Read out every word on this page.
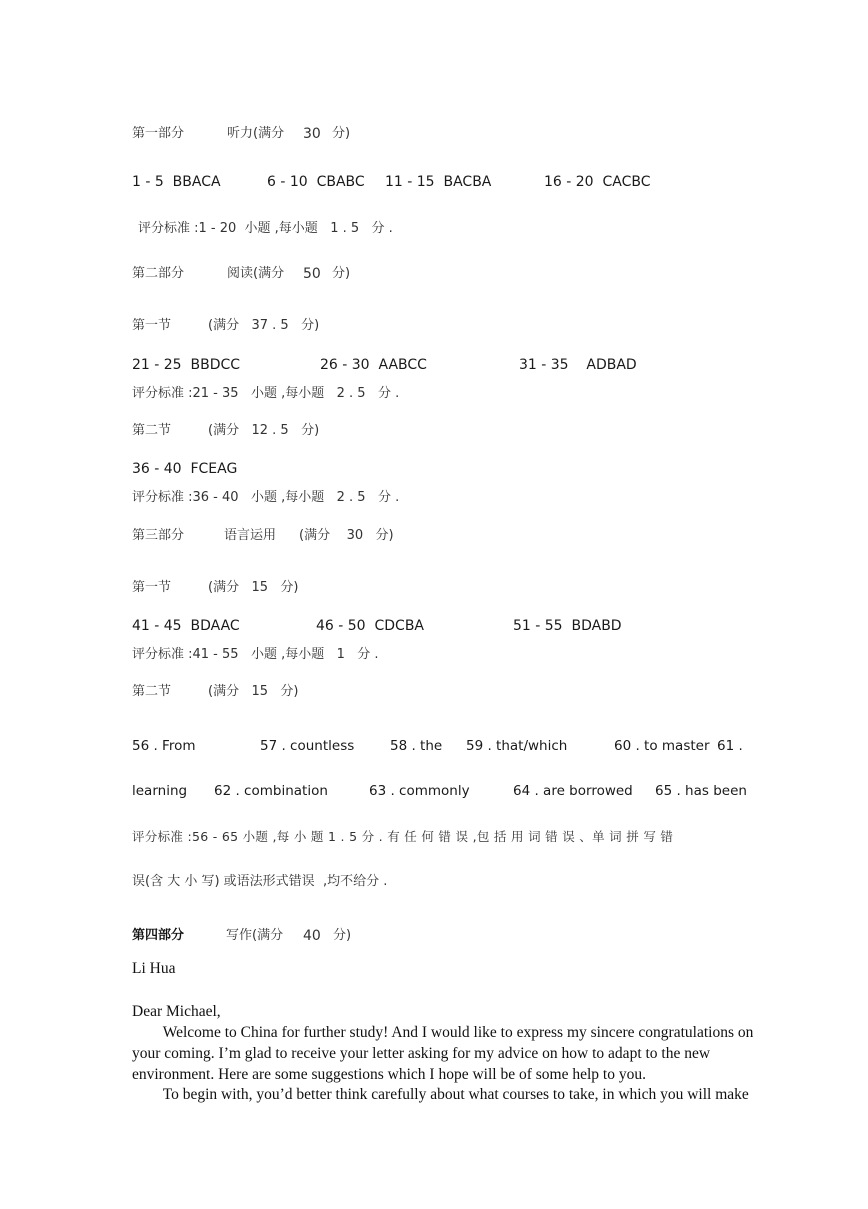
第一部分

	听力(满分

30

分)

1 - 5  BBACA

	6 - 10  CBABC

11 - 15  BACBA

	16 - 20  CACBC

评分标准 :1 - 20  小题 ,每小题   1 . 5   分 .

第二部分

	阅读(满分

50

分)

第一节

	(满分   37 . 5   分)

21 - 25  BBDCC

	26 - 30  AABCC

	31 - 35    ADBAD

评分标准 :21 - 35   小题 ,每小题   2 . 5   分 .

第二节

	(满分   12 . 5   分)

36 - 40  FCEAG

评分标准 :36 - 40   小题 ,每小题   2 . 5   分 .

第三部分

	语言运用

(满分    30   分)

第一节

	(满分   15   分)

41 - 45  BDAAC

	46 - 50  CDCBA

	51 - 55  BDABD

评分标准 :41 - 55   小题 ,每小题   1   分 .

第二节

	(满分   15   分)

56 . From

	57 . countless

	58 . the

59 . that/which

	60 . to master

61 .

learning

62 . combination

	63 . commonly

	64 . are borrowed

65 . has been

评分标准 :56 - 65 小题 ,每 小 题 1 . 5 分 . 有 任 何 错 误 ,包 括 用 词 错 误 、单 词 拼 写 错
误(含 大 小 写) 或语法形式错误  ,均不给分 .

第四部分

	写作(满分

40

分)

Li Hua
Dear Michael,
Welcome to China for further study! And I would like to express my sincere congratulations on
your coming. I’m glad to receive your letter asking for my advice on how to adapt to the new
environment. Here are some suggestions which I hope will be of some help to you.
To begin with, you’d better think carefully about what courses to take, in which you will make
